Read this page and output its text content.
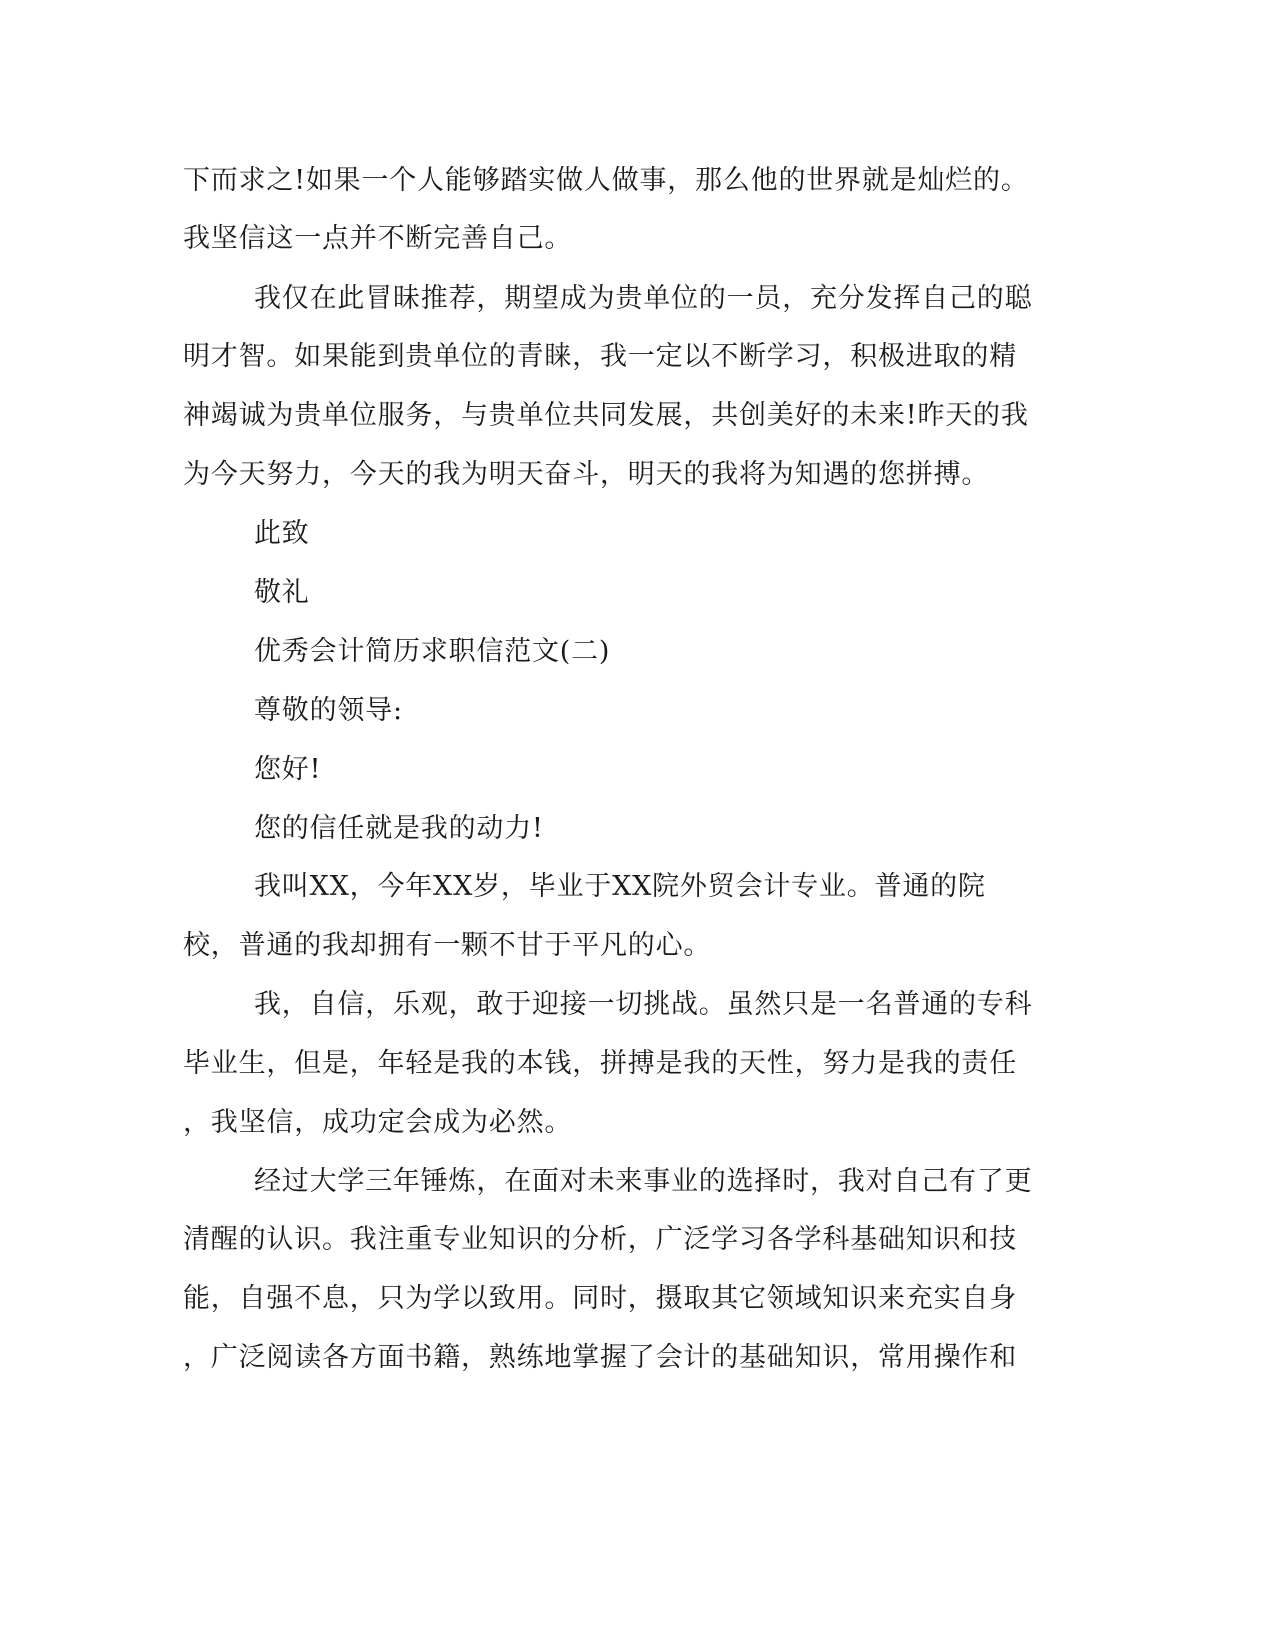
下而求之!如果一个人能够踏实做人做事，那么他的世界就是灿烂的。

我坚信这一点并不断完善自己。

我仅在此冒昧推荐，期望成为贵单位的一员，充分发挥自己的聪

明才智。如果能到贵单位的青睐，我一定以不断学习，积极进取的精

神竭诚为贵单位服务，与贵单位共同发展，共创美好的未来!昨天的我

为今天努力，今天的我为明天奋斗，明天的我将为知遇的您拼搏。

此致

敬礼

优秀会计简历求职信范文(二)

尊敬的领导:

您好!

您的信任就是我的动力!

我叫XX，今年XX岁，毕业于XX院外贸会计专业。普通的院

校，普通的我却拥有一颗不甘于平凡的心。

我，自信，乐观，敢于迎接一切挑战。虽然只是一名普通的专科

毕业生，但是，年轻是我的本钱，拼搏是我的天性，努力是我的责任

，我坚信，成功定会成为必然。

经过大学三年锤炼，在面对未来事业的选择时，我对自己有了更

清醒的认识。我注重专业知识的分析，广泛学习各学科基础知识和技

能，自强不息，只为学以致用。同时，摄取其它领域知识来充实自身

，广泛阅读各方面书籍，熟练地掌握了会计的基础知识，常用操作和
